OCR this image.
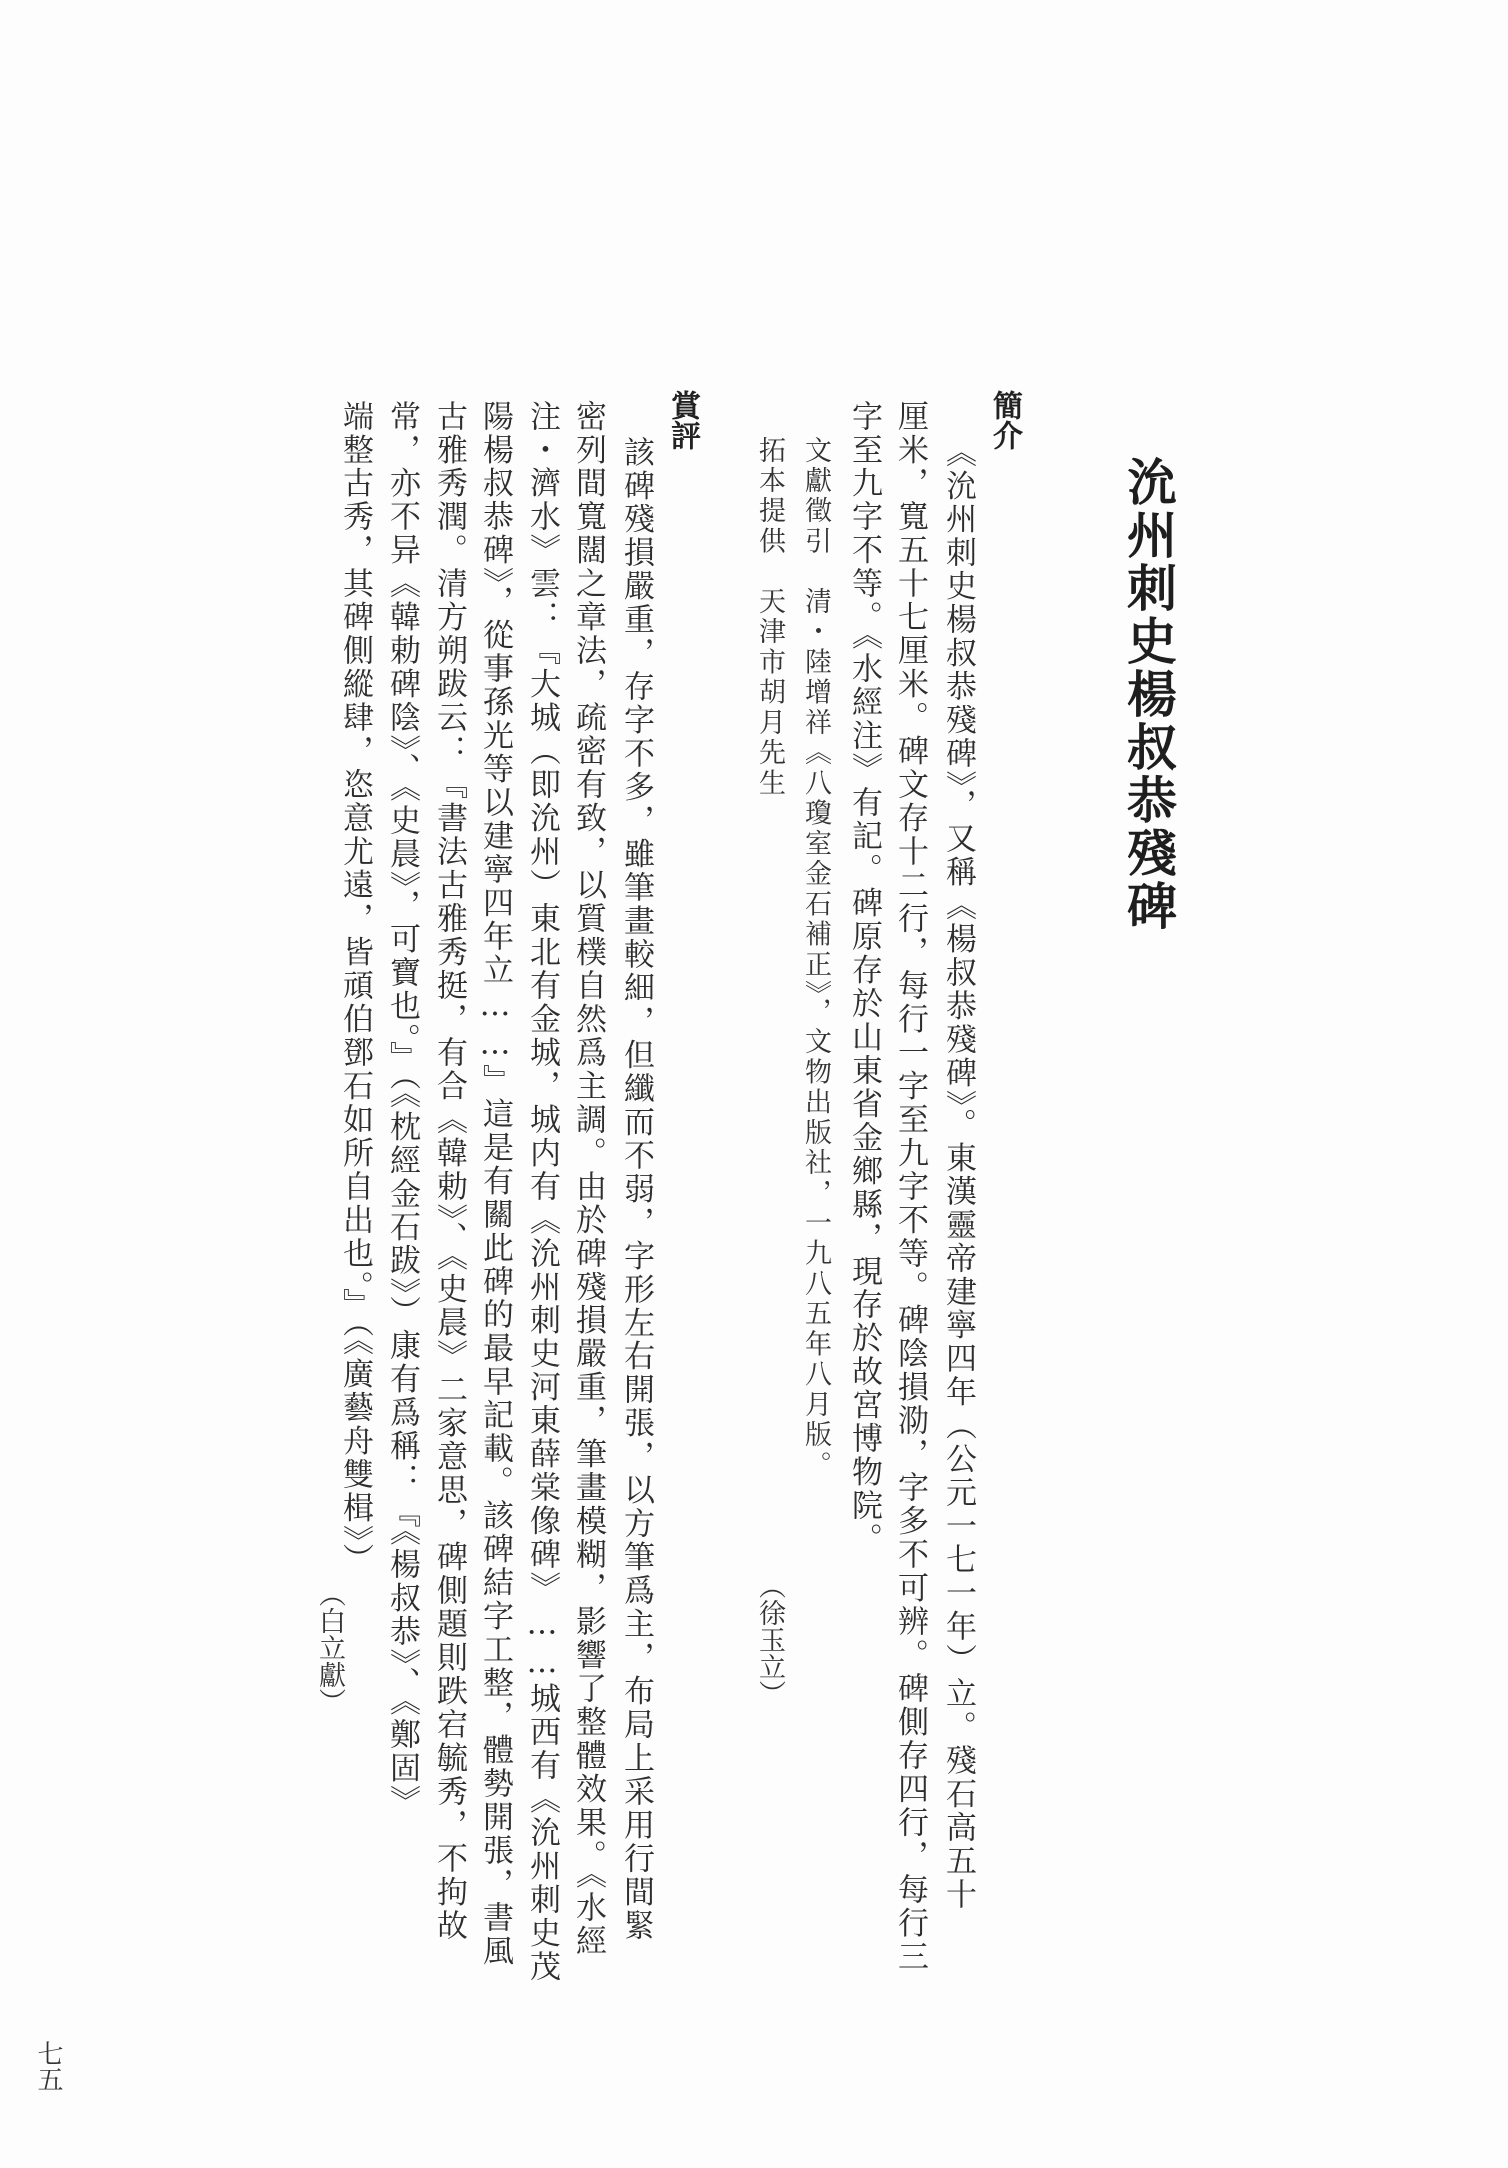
沇州刺史楊叔恭殘碑
簡介

《沇州刺史楊叔恭殘碑》，又稱《楊叔恭殘碑》。東漢靈帝建寧四年（公元一七一年）立。殘石高五十

厘米，寬五十七厘米。碑文存十二行，每行一字至九字不等。碑陰損泐，字多不可辨。碑側存四行，每行三

字至九字不等。《水經注》有記。碑原存於山東省金鄉縣，現存於故宮博物院。

文獻徵引　清・陸增祥《八瓊室金石補正》，文物出版社，一九八五年八月版。

拓本提供　天津市胡月先生

（徐玉立）

賞評

該碑殘損嚴重，存字不多，雖筆畫較細，但纖而不弱，字形左右開張，以方筆爲主，布局上采用行間緊

密列間寬闊之章法，疏密有致，以質樸自然爲主調。由於碑殘損嚴重，筆畫模糊，影響了整體效果。《水經

注・濟水》雲：『大城（即沇州）東北有金城，城内有《沇州刺史河東薛棠像碑》……城西有《沇州刺史茂

陽楊叔恭碑》，從事孫光等以建寧四年立……』這是有關此碑的最早記載。該碑結字工整，體勢開張，書風

古雅秀潤。清方朔跋云：『書法古雅秀挺，有合《韓勅》、《史晨》二家意思，碑側題則跌宕毓秀，不拘故

常，亦不异《韓勅碑陰》、《史晨》，可寶也。』（《枕經金石跋》）康有爲稱：『《楊叔恭》、《鄭固》

端整古秀，其碑側縱肆，恣意尤遠，皆頑伯鄧石如所自出也。』（《廣藝舟雙楫》）

（白立獻）

七五
